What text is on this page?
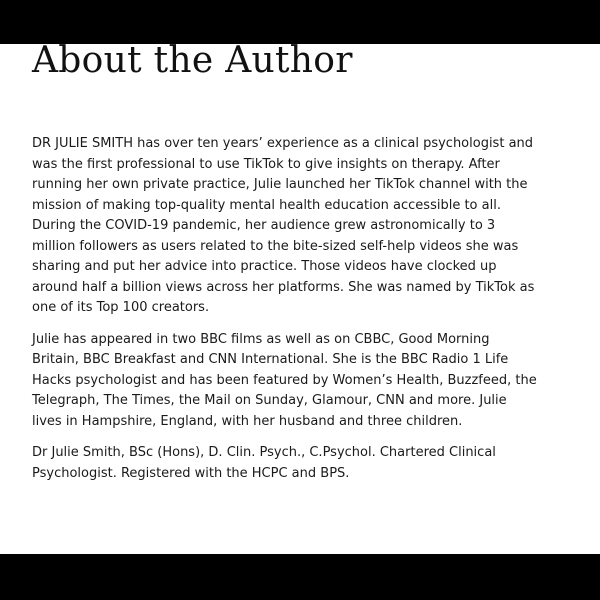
About the Author

DR JULIE SMITH has over ten years’ experience as a clinical psychologist and
was the first professional to use TikTok to give insights on therapy. After
running her own private practice, Julie launched her TikTok channel with the
mission of making top-quality mental health education accessible to all.
During the COVID-19 pandemic, her audience grew astronomically to 3
million followers as users related to the bite-sized self-help videos she was
sharing and put her advice into practice. Those videos have clocked up
around half a billion views across her platforms. She was named by TikTok as
one of its Top 100 creators.

Julie has appeared in two BBC films as well as on CBBC, Good Morning
Britain, BBC Breakfast and CNN International. She is the BBC Radio 1 Life
Hacks psychologist and has been featured by Women’s Health, Buzzfeed, the
Telegraph, The Times, the Mail on Sunday, Glamour, CNN and more. Julie
lives in Hampshire, England, with her husband and three children.

Dr Julie Smith, BSc (Hons), D. Clin. Psych., C.Psychol. Chartered Clinical
Psychologist. Registered with the HCPC and BPS.
